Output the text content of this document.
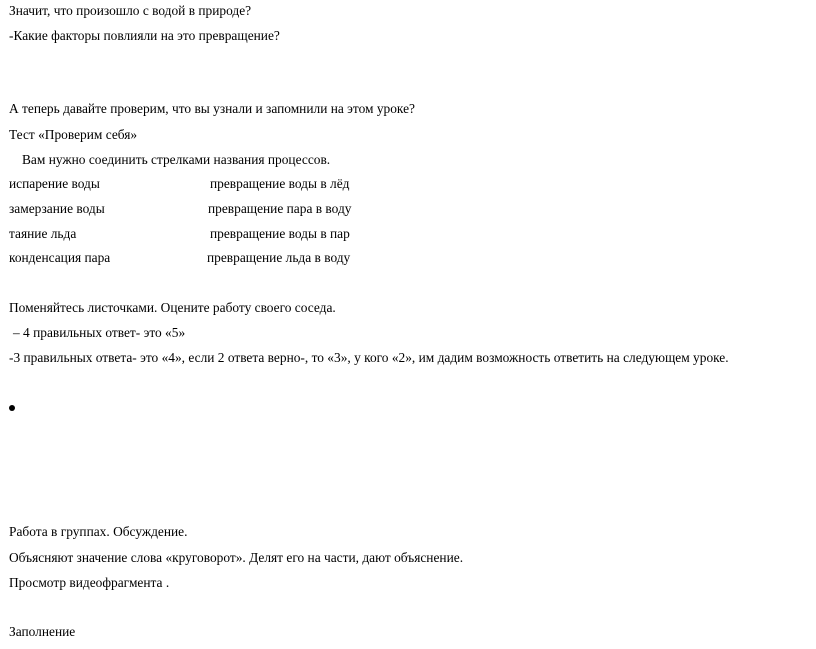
Значит, что произошло с водой в природе?
-Какие факторы повлияли на это превращение?
А теперь давайте проверим, что вы узнали и запомнили на этом уроке?
Тест «Проверим себя»
Вам нужно соединить стрелками названия процессов.
испарение воды	превращение воды в лёд
замерзание воды	превращение пара в воду
таяние льда	превращение воды в пар
конденсация пара	превращение льда в воду
Поменяйтесь листочками. Оцените работу своего соседа.
– 4 правильных ответ- это «5»
-3 правильных ответа- это «4», если 2 ответа верно-, то «3», у кого «2», им дадим возможность ответить на следующем уроке.
Работа в группах. Обсуждение.
Объясняют значение слова «круговорот». Делят его на части, дают объяснение.
Просмотр видеофрагмента .
Заполнение
